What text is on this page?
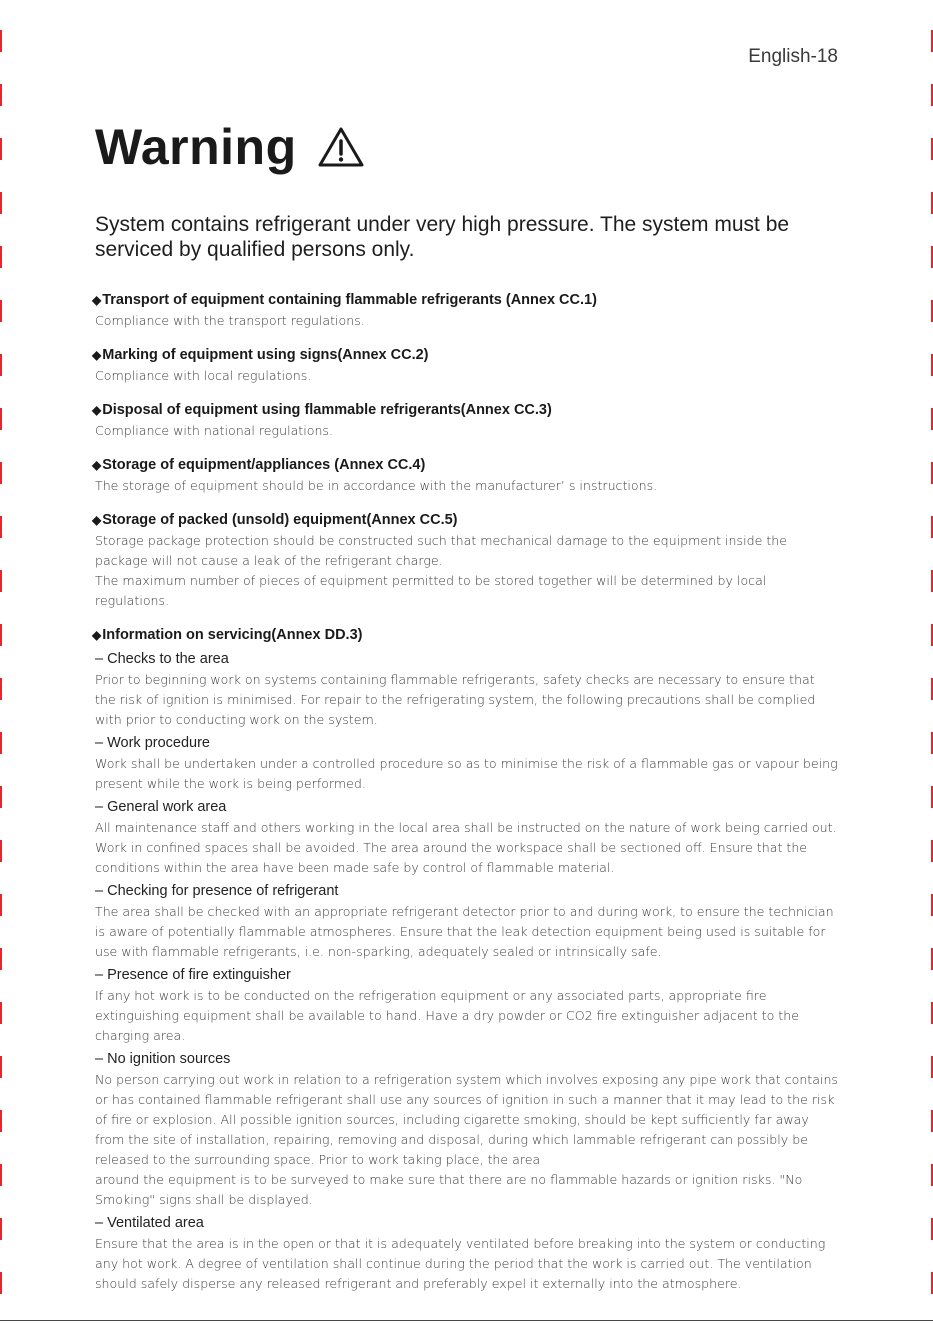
English-18
Warning
System contains refrigerant under very high pressure. The system must be serviced by qualified persons only.
◆Transport of equipment containing flammable refrigerants (Annex CC.1)

Compliance with the transport regulations.

◆Marking of equipment using signs(Annex CC.2)

Compliance with local regulations.

◆Disposal of equipment using flammable refrigerants(Annex CC.3)

Compliance with national regulations.

◆Storage of equipment/appliances (Annex CC.4)

The storage of equipment should be in accordance with the manufacturer’ s instructions.

◆Storage of packed (unsold) equipment(Annex CC.5)

Storage package protection should be constructed such that mechanical damage to the equipment inside the package will not cause a leak of the refrigerant charge.

The maximum number of pieces of equipment permitted to be stored together will be determined by local regulations.

◆Information on servicing(Annex DD.3)
– Checks to the area

Prior to beginning work on systems containing flammable refrigerants, safety checks are necessary to ensure that the risk of ignition is minimised. For repair to the refrigerating system, the following precautions shall be complied with prior to conducting work on the system.

– Work procedure

Work shall be undertaken under a controlled procedure so as to minimise the risk of a flammable gas or vapour being present while the work is being performed.

– General work area

All maintenance staff and others working in the local area shall be instructed on the nature of work being carried out. Work in confined spaces shall be avoided. The area around the workspace shall be sectioned off. Ensure that the conditions within the area have been made safe by control of flammable material.

– Checking for presence of refrigerant

The area shall be checked with an appropriate refrigerant detector prior to and during work, to ensure the technician is aware of potentially flammable atmospheres. Ensure that the leak detection equipment being used is suitable for use with flammable refrigerants, i.e. non-sparking, adequately sealed or intrinsically safe.

– Presence of fire extinguisher

If any hot work is to be conducted on the refrigeration equipment or any associated parts, appropriate fire extinguishing equipment shall be available to hand. Have a dry powder or CO2 fire extinguisher adjacent to the charging area.

– No ignition sources

No person carrying out work in relation to a refrigeration system which involves exposing any pipe work that contains or has contained flammable refrigerant shall use any sources of ignition in such a manner that it may lead to the risk of fire or explosion. All possible ignition sources, including cigarette smoking, should be kept sufficiently far away from the site of installation, repairing, removing and disposal, during which lammable refrigerant can possibly be released to the surrounding space. Prior to work taking place, the area

around the equipment is to be surveyed to make sure that there are no flammable hazards or ignition risks. "No Smoking" signs shall be displayed.

– Ventilated area

Ensure that the area is in the open or that it is adequately ventilated before breaking into the system or conducting any hot work. A degree of ventilation shall continue during the period that the work is carried out. The ventilation should safely disperse any released refrigerant and preferably expel it externally into the atmosphere.
